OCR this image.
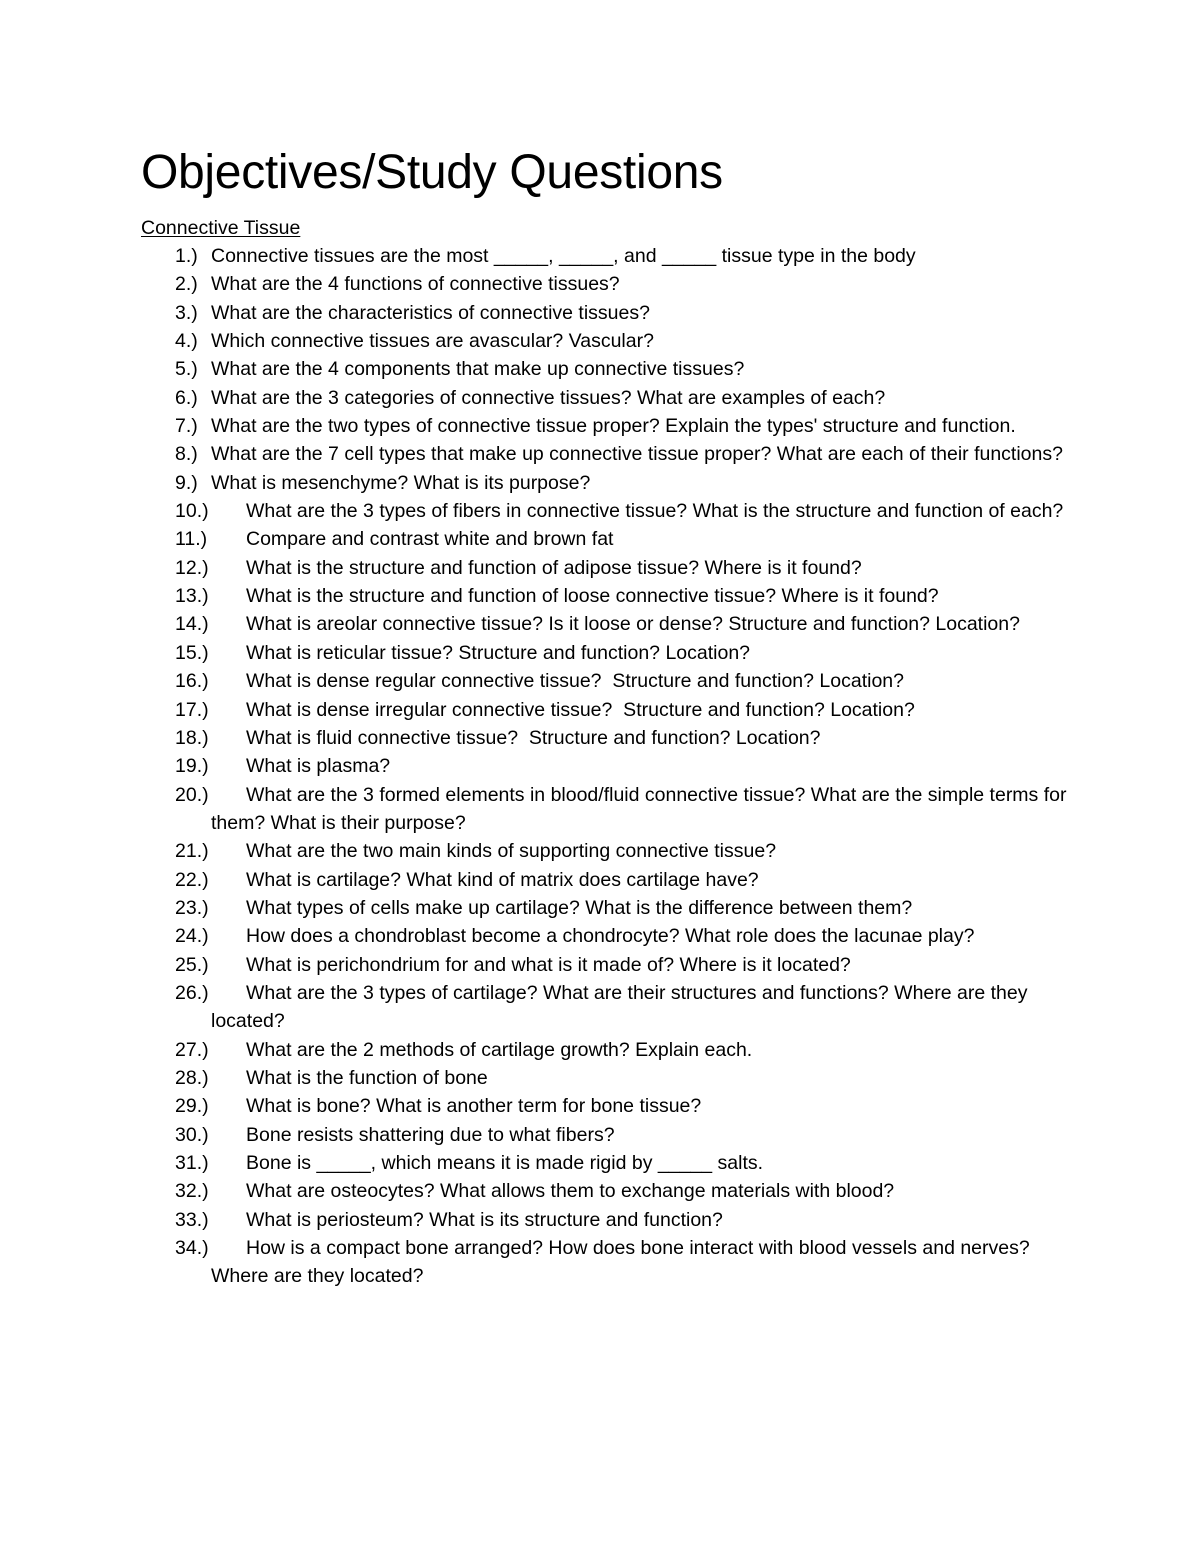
Objectives/Study Questions
Connective Tissue
1.) Connective tissues are the most _____, _____, and _____ tissue type in the body
2.) What are the 4 functions of connective tissues?
3.) What are the characteristics of connective tissues?
4.) Which connective tissues are avascular? Vascular?
5.) What are the 4 components that make up connective tissues?
6.) What are the 3 categories of connective tissues? What are examples of each?
7.) What are the two types of connective tissue proper? Explain the types' structure and function.
8.) What are the 7 cell types that make up connective tissue proper? What are each of their functions?
9.) What is mesenchyme? What is its purpose?
10.)	What are the 3 types of fibers in connective tissue? What is the structure and function of each?
11.)	Compare and contrast white and brown fat
12.)	What is the structure and function of adipose tissue? Where is it found?
13.)	What is the structure and function of loose connective tissue? Where is it found?
14.)	What is areolar connective tissue? Is it loose or dense? Structure and function? Location?
15.)	What is reticular tissue? Structure and function? Location?
16.)	What is dense regular connective tissue?  Structure and function? Location?
17.)	What is dense irregular connective tissue?  Structure and function? Location?
18.)	What is fluid connective tissue?  Structure and function? Location?
19.)	What is plasma?
20.)	What are the 3 formed elements in blood/fluid connective tissue? What are the simple terms for them? What is their purpose?
21.)	What are the two main kinds of supporting connective tissue?
22.)	What is cartilage? What kind of matrix does cartilage have?
23.)	What types of cells make up cartilage? What is the difference between them?
24.)	How does a chondroblast become a chondrocyte? What role does the lacunae play?
25.)	What is perichondrium for and what is it made of? Where is it located?
26.)	What are the 3 types of cartilage? What are their structures and functions? Where are they located?
27.)	What are the 2 methods of cartilage growth? Explain each.
28.)	What is the function of bone
29.)	What is bone? What is another term for bone tissue?
30.)	Bone resists shattering due to what fibers?
31.)	Bone is _____, which means it is made rigid by _____ salts.
32.)	What are osteocytes? What allows them to exchange materials with blood?
33.)	What is periosteum? What is its structure and function?
34.)	How is a compact bone arranged? How does bone interact with blood vessels and nerves? Where are they located?
